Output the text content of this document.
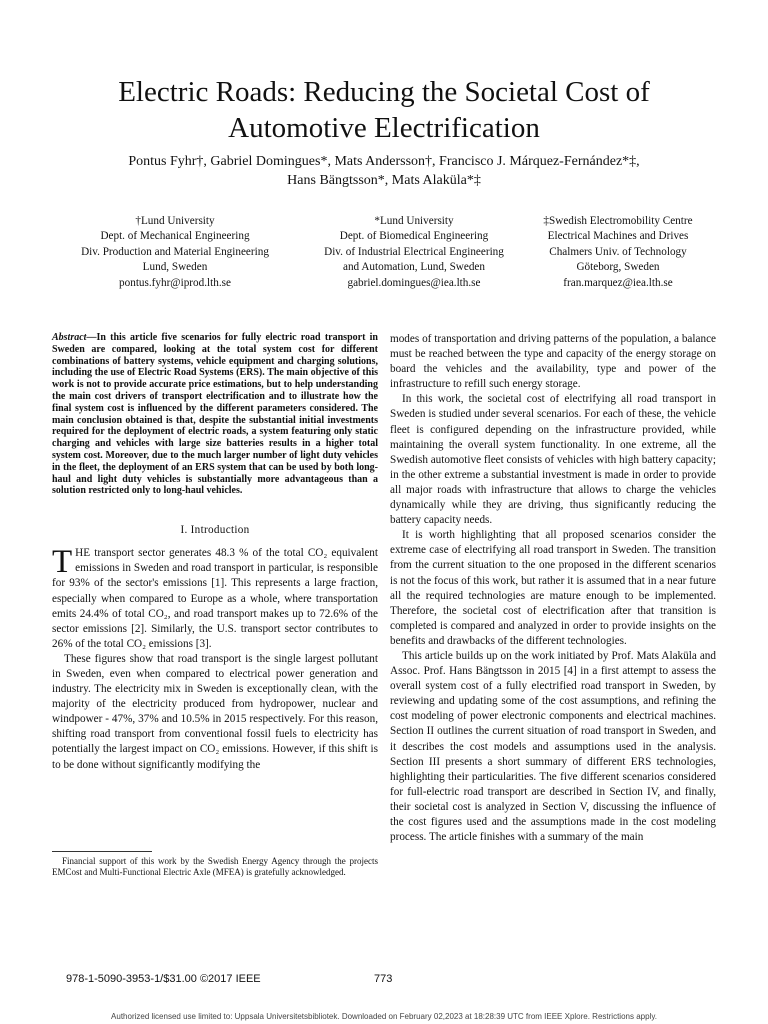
Electric Roads: Reducing the Societal Cost of
Automotive Electrification
Pontus Fyhr†, Gabriel Domingues*, Mats Andersson†, Francisco J. Márquez-Fernández*‡,
Hans Bängtsson*, Mats Alaküla*‡
†Lund University
Dept. of Mechanical Engineering
Div. Production and Material Engineering
Lund, Sweden
pontus.fyhr@iprod.lth.se
*Lund University
Dept. of Biomedical Engineering
Div. of Industrial Electrical Engineering
and Automation, Lund, Sweden
gabriel.domingues@iea.lth.se
‡Swedish Electromobility Centre
Electrical Machines and Drives
Chalmers Univ. of Technology
Göteborg, Sweden
fran.marquez@iea.lth.se

Abstract—In this article five scenarios for fully electric road transport in Sweden are compared, looking at the total system cost for different combinations of battery systems, vehicle equipment and charging solutions, including the use of Electric Road Systems (ERS). The main objective of this work is not to provide accurate price estimations, but to help understanding the main cost drivers of transport electrification and to illustrate how the final system cost is influenced by the different parameters considered. The main conclusion obtained is that, despite the substantial initial investments required for the deployment of electric roads, a system featuring only static charging and vehicles with large size batteries results in a higher total system cost. Moreover, due to the much larger number of light duty vehicles in the fleet, the deployment of an ERS system that can be used by both long-haul and light duty vehicles is substantially more advantageous than a solution restricted only to long-haul vehicles.

I. Introduction

THE transport sector generates 48.3 % of the total CO₂ equivalent emissions in Sweden and road transport in particular, is responsible for 93% of the sector's emissions [1]. This represents a large fraction, especially when compared to Europe as a whole, where transportation emits 24.4% of total CO₂, and road transport makes up to 72.6% of the sector emissions [2]. Similarly, the U.S. transport sector contributes to 26% of the total CO₂ emissions [3].

These figures show that road transport is the single largest pollutant in Sweden, even when compared to electrical power generation and industry. The electricity mix in Sweden is exceptionally clean, with the majority of the electricity produced from hydropower, nuclear and windpower - 47%, 37% and 10.5% in 2015 respectively. For this reason, shifting road transport from conventional fossil fuels to electricity has potentially the largest impact on CO₂ emissions. However, if this shift is to be done without significantly modifying the

modes of transportation and driving patterns of the population, a balance must be reached between the type and capacity of the energy storage on board the vehicles and the availability, type and power of the infrastructure to refill such energy storage.

In this work, the societal cost of electrifying all road transport in Sweden is studied under several scenarios. For each of these, the vehicle fleet is configured depending on the infrastructure provided, while maintaining the overall system functionality. In one extreme, all the Swedish automotive fleet consists of vehicles with high battery capacity; in the other extreme a substantial investment is made in order to provide all major roads with infrastructure that allows to charge the vehicles dynamically while they are driving, thus significantly reducing the battery capacity needs.

It is worth highlighting that all proposed scenarios consider the extreme case of electrifying all road transport in Sweden. The transition from the current situation to the one proposed in the different scenarios is not the focus of this work, but rather it is assumed that in a near future all the required technologies are mature enough to be implemented. Therefore, the societal cost of electrification after that transition is completed is compared and analyzed in order to provide insights on the benefits and drawbacks of the different technologies.

This article builds up on the work initiated by Prof. Mats Alaküla and Assoc. Prof. Hans Bängtsson in 2015 [4] in a first attempt to assess the overall system cost of a fully electrified road transport in Sweden, by reviewing and updating some of the cost assumptions, and refining the cost modeling of power electronic components and electrical machines. Section II outlines the current situation of road transport in Sweden, and it describes the cost models and assumptions used in the analysis. Section III presents a short summary of different ERS technologies, highlighting their particularities. The five different scenarios considered for full-electric road transport are described in Section IV, and finally, their societal cost is analyzed in Section V, discussing the influence of the cost figures used and the assumptions made in the cost modeling process. The article finishes with a summary of the main

Financial support of this work by the Swedish Energy Agency through the projects EMCost and Multi-Functional Electric Axle (MFEA) is gratefully acknowledged.
978-1-5090-3953-1/$31.00 ©2017 IEEE	773
Authorized licensed use limited to: Uppsala Universitetsbibliotek. Downloaded on February 02,2023 at 18:28:39 UTC from IEEE Xplore. Restrictions apply.
